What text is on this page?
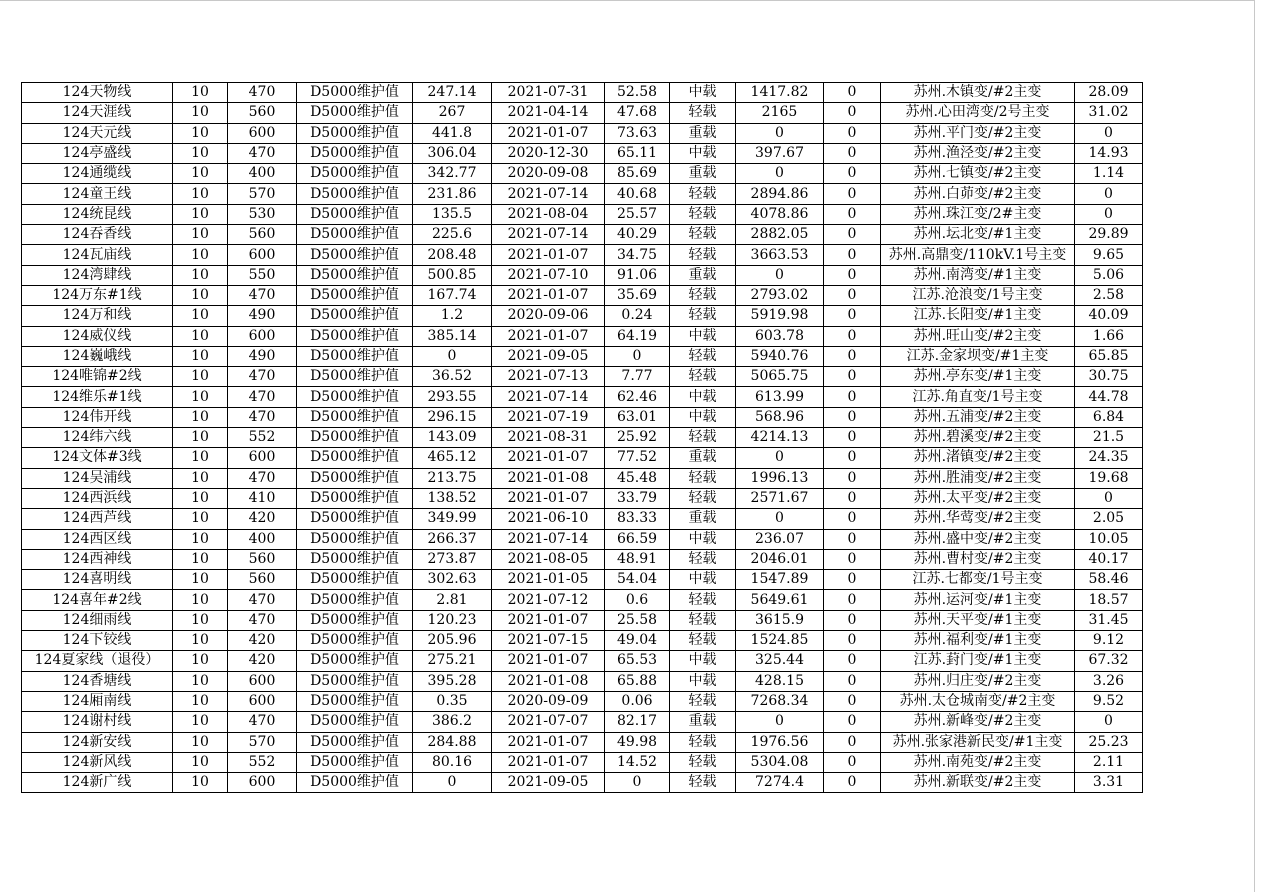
124天物线	10	470	D5000维护值	247.14	2021-07-31	52.58	中载	1417.82	0	苏州.木镇变/#2主变	28.09
124天涯线	10	560	D5000维护值	267	2021-04-14	47.68	轻载	2165	0	苏州.心田湾变/2号主变	31.02
124天元线	10	600	D5000维护值	441.8	2021-01-07	73.63	重载	0	0	苏州.平门变/#2主变	0
124亭盛线	10	470	D5000维护值	306.04	2020-12-30	65.11	中载	397.67	0	苏州.渔泾变/#2主变	14.93
124通缆线	10	400	D5000维护值	342.77	2020-09-08	85.69	重载	0	0	苏州.七镇变/#2主变	1.14
124童王线	10	570	D5000维护值	231.86	2021-07-14	40.68	轻载	2894.86	0	苏州.白茆变/#2主变	0
124统昆线	10	530	D5000维护值	135.5	2021-08-04	25.57	轻载	4078.86	0	苏州.珠江变/2#主变	0
124吞香线	10	560	D5000维护值	225.6	2021-07-14	40.29	轻载	2882.05	0	苏州.坛北变/#1主变	29.89
124瓦庙线	10	600	D5000维护值	208.48	2021-01-07	34.75	轻载	3663.53	0	苏州.高鼎变/110kV.1号主变	9.65
124湾肆线	10	550	D5000维护值	500.85	2021-07-10	91.06	重载	0	0	苏州.南湾变/#1主变	5.06
124万东#1线	10	470	D5000维护值	167.74	2021-01-07	35.69	轻载	2793.02	0	江苏.沧浪变/1号主变	2.58
124万和线	10	490	D5000维护值	1.2	2020-09-06	0.24	轻载	5919.98	0	江苏.长阳变/#1主变	40.09
124威仪线	10	600	D5000维护值	385.14	2021-01-07	64.19	中载	603.78	0	苏州.旺山变/#2主变	1.66
124巍峨线	10	490	D5000维护值	0	2021-09-05	0	轻载	5940.76	0	江苏.金家坝变/#1主变	65.85
124唯锦#2线	10	470	D5000维护值	36.52	2021-07-13	7.77	轻载	5065.75	0	苏州.亭东变/#1主变	30.75
124维乐#1线	10	470	D5000维护值	293.55	2021-07-14	62.46	中载	613.99	0	江苏.角直变/1号主变	44.78
124伟开线	10	470	D5000维护值	296.15	2021-07-19	63.01	中载	568.96	0	苏州.五浦变/#2主变	6.84
124纬六线	10	552	D5000维护值	143.09	2021-08-31	25.92	轻载	4214.13	0	苏州.碧溪变/#2主变	21.5
124文体#3线	10	600	D5000维护值	465.12	2021-01-07	77.52	重载	0	0	苏州.渚镇变/#2主变	24.35
124吴浦线	10	470	D5000维护值	213.75	2021-01-08	45.48	轻载	1996.13	0	苏州.胜浦变/#2主变	19.68
124西浜线	10	410	D5000维护值	138.52	2021-01-07	33.79	轻载	2571.67	0	苏州.太平变/#2主变	0
124西芦线	10	420	D5000维护值	349.99	2021-06-10	83.33	重载	0	0	苏州.华莺变/#2主变	2.05
124西区线	10	400	D5000维护值	266.37	2021-07-14	66.59	中载	236.07	0	苏州.盛中变/#2主变	10.05
124西神线	10	560	D5000维护值	273.87	2021-08-05	48.91	轻载	2046.01	0	苏州.曹村变/#2主变	40.17
124喜明线	10	560	D5000维护值	302.63	2021-01-05	54.04	中载	1547.89	0	江苏.七都变/1号主变	58.46
124喜年#2线	10	470	D5000维护值	2.81	2021-07-12	0.6	轻载	5649.61	0	苏州.运河变/#1主变	18.57
124细雨线	10	470	D5000维护值	120.23	2021-01-07	25.58	轻载	3615.9	0	苏州.天平变/#1主变	31.45
124下铰线	10	420	D5000维护值	205.96	2021-07-15	49.04	轻载	1524.85	0	苏州.福利变/#1主变	9.12
124夏家线（退役）	10	420	D5000维护值	275.21	2021-01-07	65.53	中载	325.44	0	江苏.葑门变/#1主变	67.32
124香塘线	10	600	D5000维护值	395.28	2021-01-08	65.88	中载	428.15	0	苏州.归庄变/#2主变	3.26
124厢南线	10	600	D5000维护值	0.35	2020-09-09	0.06	轻载	7268.34	0	苏州.太仓城南变/#2主变	9.52
124谢村线	10	470	D5000维护值	386.2	2021-07-07	82.17	重载	0	0	苏州.新峰变/#2主变	0
124新安线	10	570	D5000维护值	284.88	2021-01-07	49.98	轻载	1976.56	0	苏州.张家港新民变/#1主变	25.23
124新风线	10	552	D5000维护值	80.16	2021-01-07	14.52	轻载	5304.08	0	苏州.南苑变/#2主变	2.11
124新广线	10	600	D5000维护值	0	2021-09-05	0	轻载	7274.4	0	苏州.新联变/#2主变	3.31
